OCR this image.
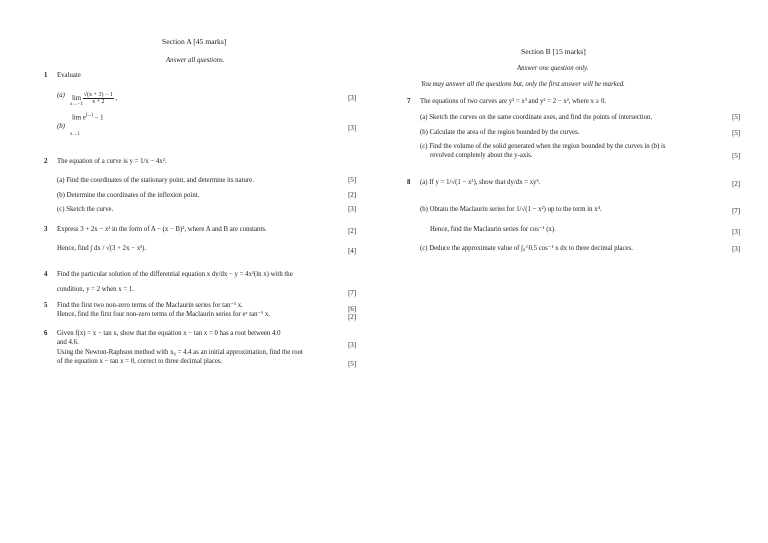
Section A [45 marks]
Answer all questions.
1 Evaluate
(a) $\lim \frac{√(x + 3) - 1}{x + 2}$ ,
x→−1
[3]
(b)
lim e(...) − 1
x→1
[3]
2 The equation of a curve is y = 1/x − 4x².
(a) Find the coordinates of the stationary point, and determine its nature.	[5]
(b) Determine the coordinates of the inflexion point.	[2]
(c) Sketch the curve.	[3]
3 Express 3 + 2x − x² in the form of A − (x − B)², where A and B are constants.	[2]
Hence, find ∫ dx / √(3 + 2x − x²).	[4]
4 Find the particular solution of the differential equation x dy/dx − y = 4x²(ln x) with the
condition, y = 2 when x = 1.
[7]
5 Find the first two non-zero terms of the Maclaurin series for tan⁻¹ x.
[6]
Hence, find the first four non-zero terms of the Maclaurin series for eˣ tan⁻¹ x.	[2]
6 Given f(x) = x − tan x, show that the equation x − tan x = 0 has a root between 4.0
and 4.6.	[3]
Using the Newton-Raphson method with x₀ = 4.4 as an initial approximation, find the root
of the equation x − tan x = 0, correct to three decimal places.	[5]
Section B [15 marks]
Answer one question only.
You may answer all the questions but, only the first answer will be marked.
7 The equations of two curves are y² = x³ and y² = 2 − x², where x ≥ 0.
(a) Sketch the curves on the same coordinate axes, and find the points of intersection.	[5]
(b) Calculate the area of the region bounded by the curves.	[5]
(c) Find the volume of the solid generated when the region bounded by the curves in (b) is
revolved completely about the y-axis.	[5]
8 (a) If y = 1/√(1 − x²), show that dy/dx = xy³.	[2]
(b) Obtain the Maclaurin series for 1/√(1 − x²) up to the term in x⁴.	[7]
Hence, find the Maclaurin series for cos⁻¹ (x).	[3]
(c) Deduce the approximate value of ∫₀^0.5 cos⁻¹ x dx to three decimal places.	[3]
